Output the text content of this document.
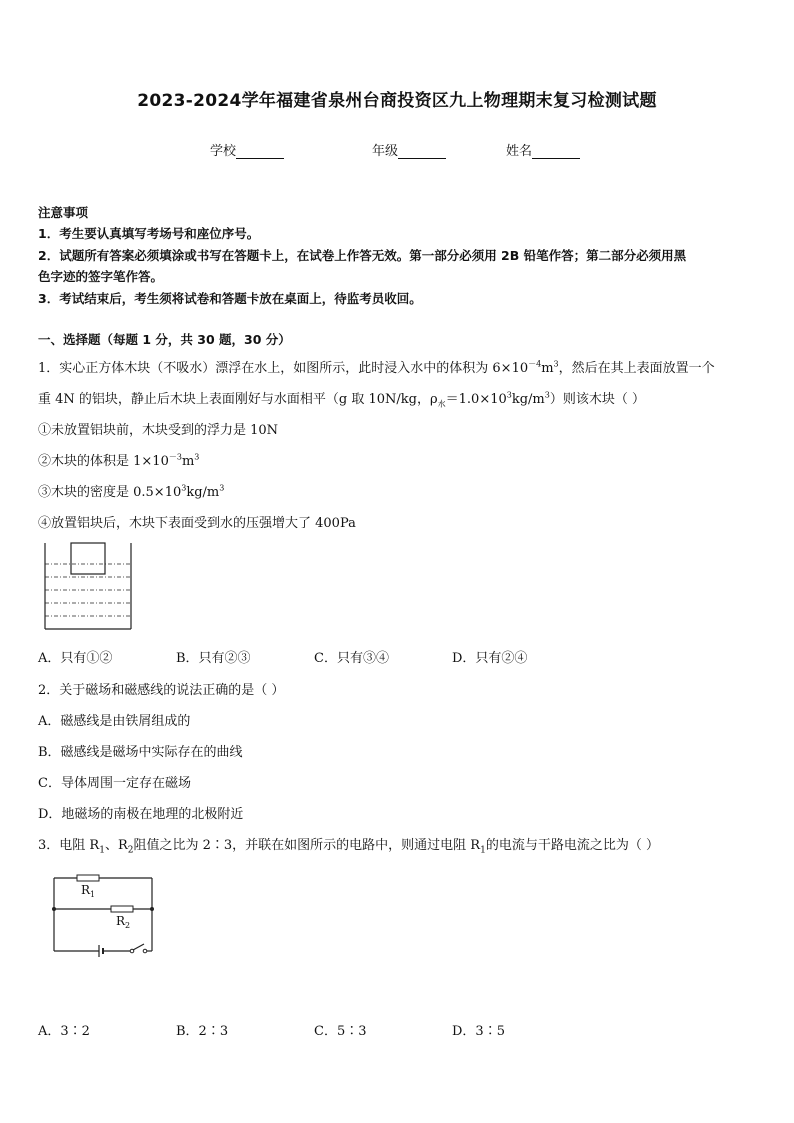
2023-2024学年福建省泉州台商投资区九上物理期末复习检测试题
学校	年级	姓名
注意事项
1．考生要认真填写考场号和座位序号。
2．试题所有答案必须填涂或书写在答题卡上，在试卷上作答无效。第一部分必须用 2B 铅笔作答；第二部分必须用黑
色字迹的签字笔作答。
3．考试结束后，考生须将试卷和答题卡放在桌面上，待监考员收回。
一、选择题（每题 1 分，共 30 题，30 分）
1．实心正方体木块（不吸水）漂浮在水上，如图所示，此时浸入水中的体积为 $6\times 10^{-4}m^3$，然后在其上表面放置一个
重 4N 的铝块，静止后木块上表面刚好与水面相平（g 取 10N/kg，$\rho_水=1.0\times 10^3kg/m^3$）则该木块（ ）
①未放置铝块前，木块受到的浮力是 10N
②木块的体积是 $1\times 10^{-3}m^3$
③木块的密度是 $0.5\times 10^3kg/m^3$
④放置铝块后，木块下表面受到水的压强增大了 400Pa
A．只有①②	B．只有②③	C．只有③④	D．只有②④
2．关于磁场和磁感线的说法正确的是（ ）
A．磁感线是由铁屑组成的
B．磁感线是磁场中实际存在的曲线
C．导体周围一定存在磁场
D．地磁场的南极在地理的北极附近
3．电阻 $R_1$、$R_2$阻值之比为 2∶3，并联在如图所示的电路中，则通过电阻 $R_1$的电流与干路电流之比为（ ）
$R_1$
$R_2$
A．3∶2	B．2∶3	C．5∶3	D．3∶5
